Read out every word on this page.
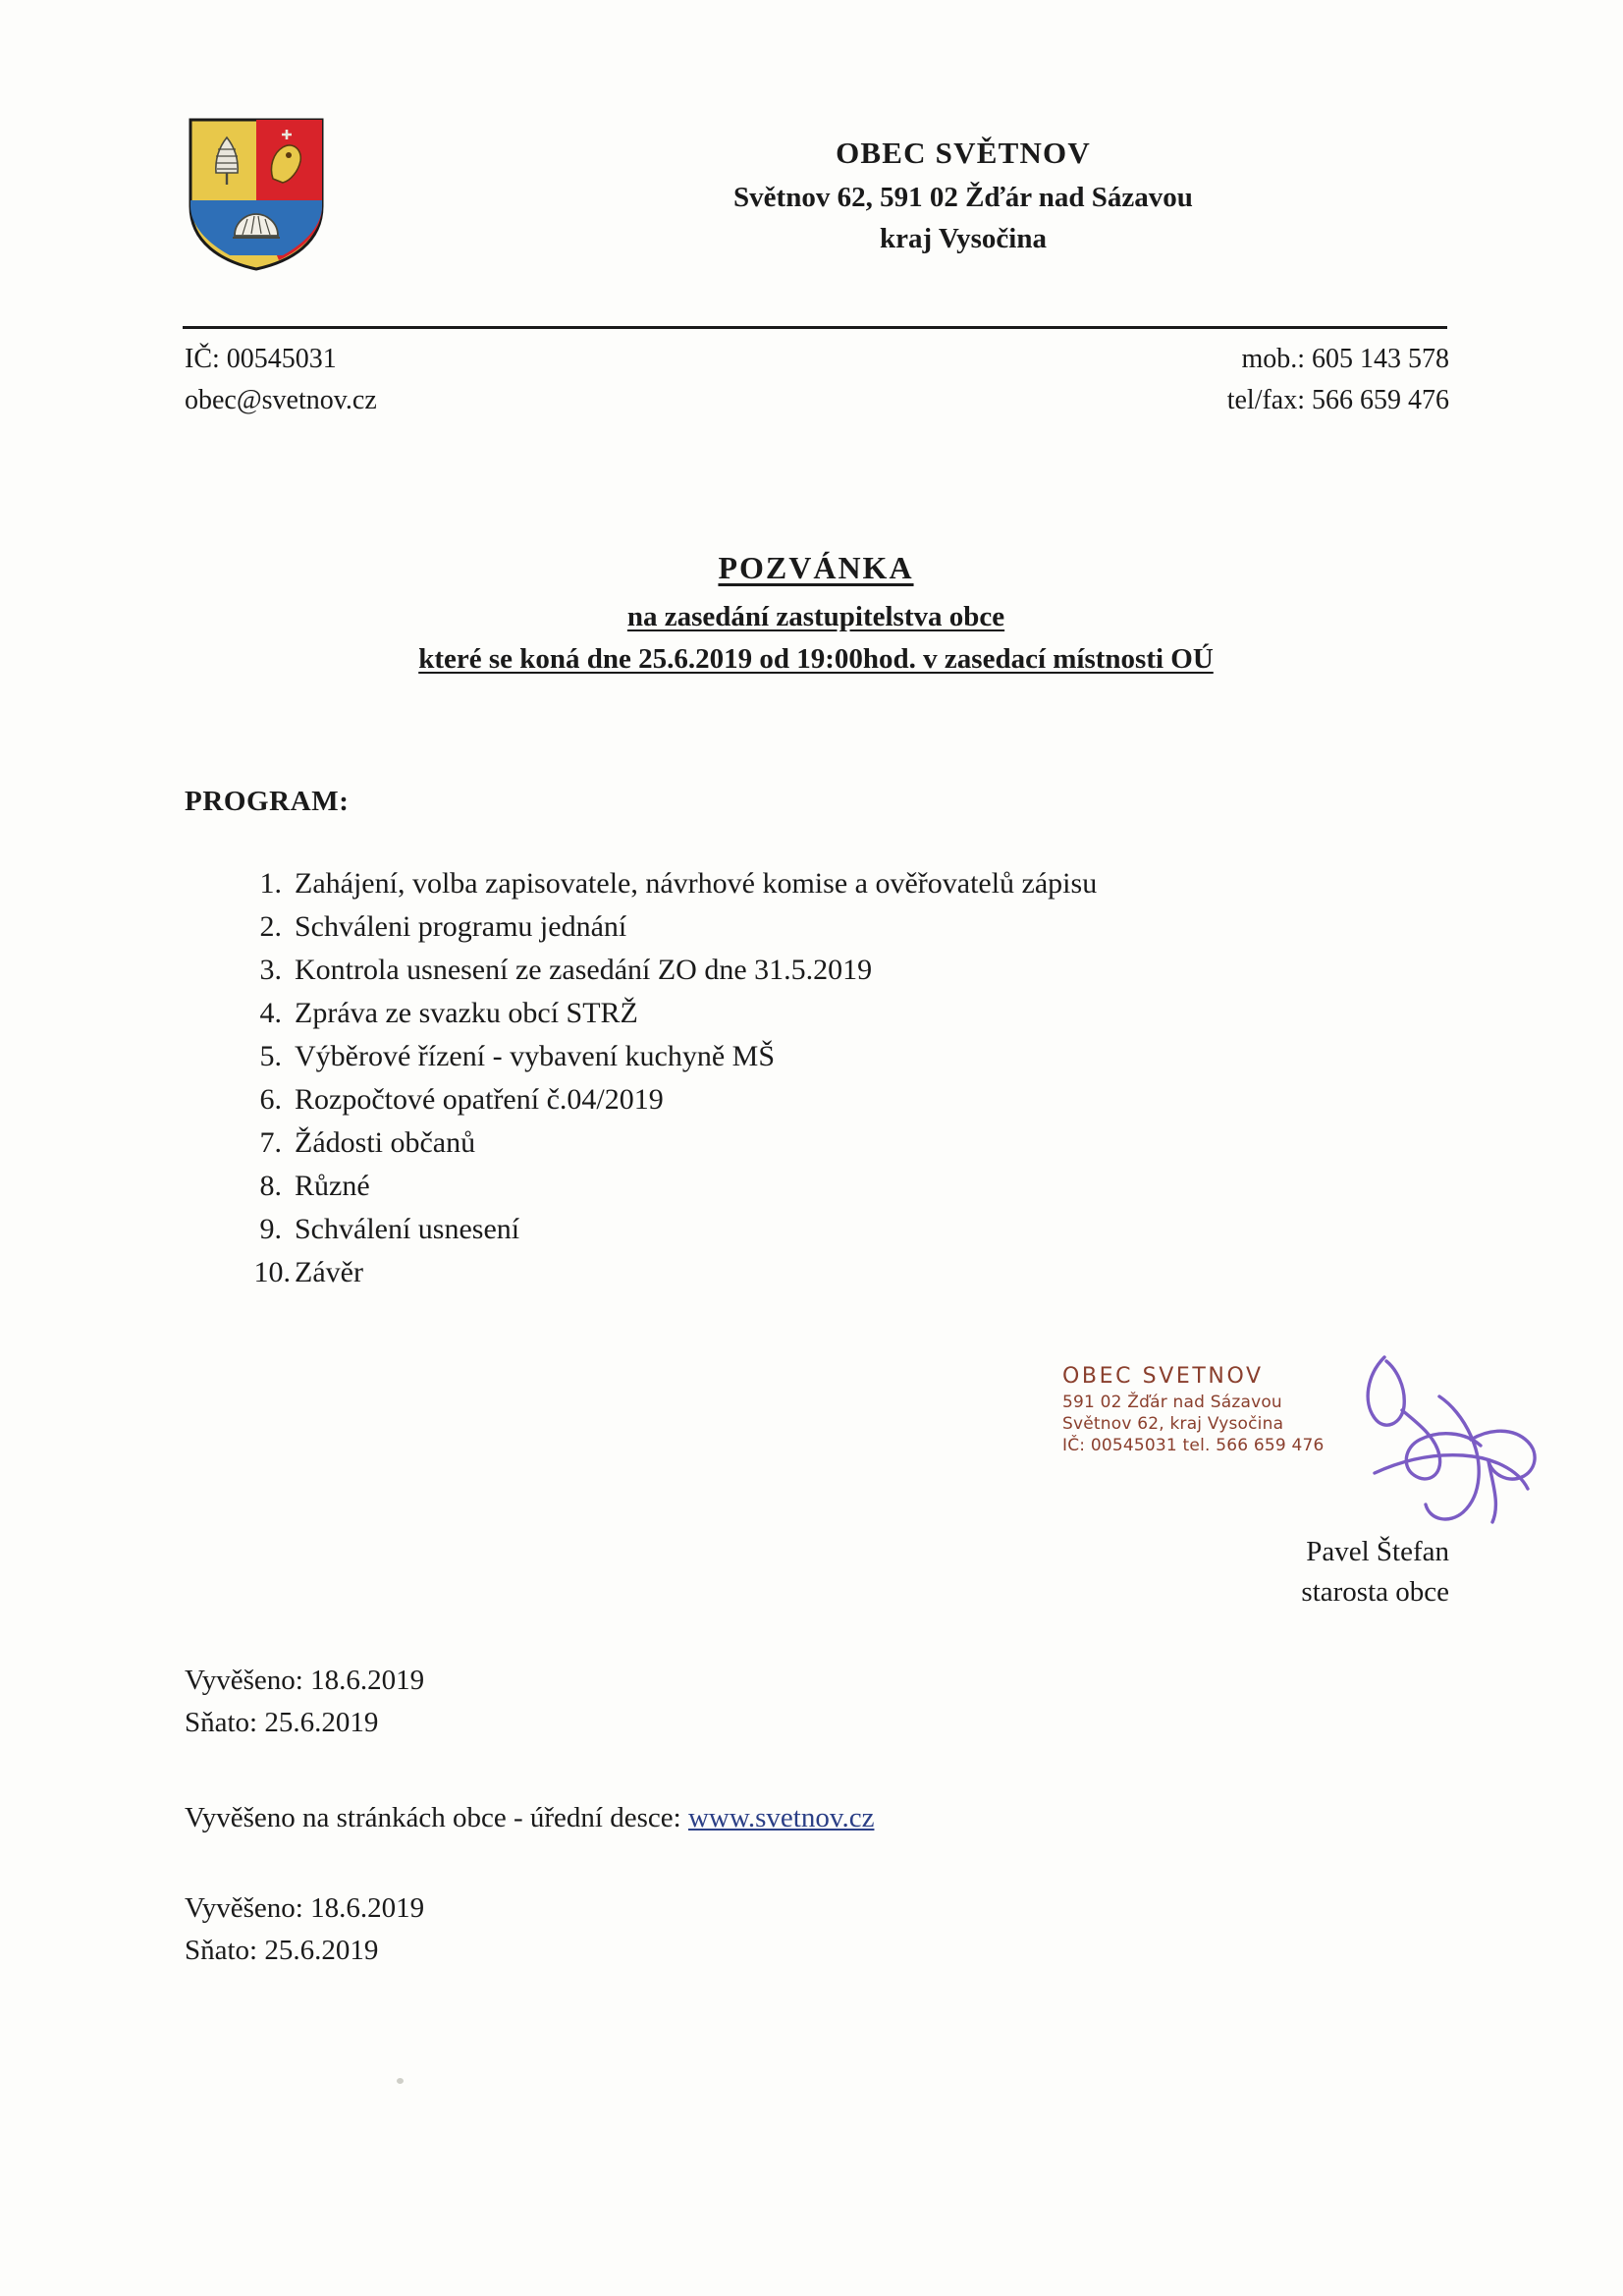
OBEC SVĚTNOV
Světnov 62, 591 02 Žďár nad Sázavou
kraj Vysočina
IČ: 00545031
obec@svetnov.cz
mob.: 605 143 578
tel/fax: 566 659 476
POZVÁNKA
na zasedání zastupitelstva obce
které se koná dne 25.6.2019 od 19:00hod. v zasedací místnosti OÚ
PROGRAM:
1. Zahájení, volba zapisovatele, návrhové komise a ověřovatelů zápisu
2. Schváleni programu jednání
3. Kontrola usnesení ze zasedání ZO dne 31.5.2019
4. Zpráva ze svazku obcí STRŽ
5. Výběrové řízení - vybavení kuchyně MŠ
6. Rozpočtové opatření č.04/2019
7. Žádosti občanů
8. Různé
9. Schválení usnesení
10. Závěr
OBEC SVETNOV
591 02 Žďár nad Sázavou
Světnov 62, kraj Vysočina
IČ: 00545031 tel. 566 659 476
Pavel Štefan
starosta obce
Vyvěšeno: 18.6.2019
Sňato: 25.6.2019
Vyvěšeno na stránkách obce - úřední desce: www.svetnov.cz
Vyvěšeno: 18.6.2019
Sňato: 25.6.2019
